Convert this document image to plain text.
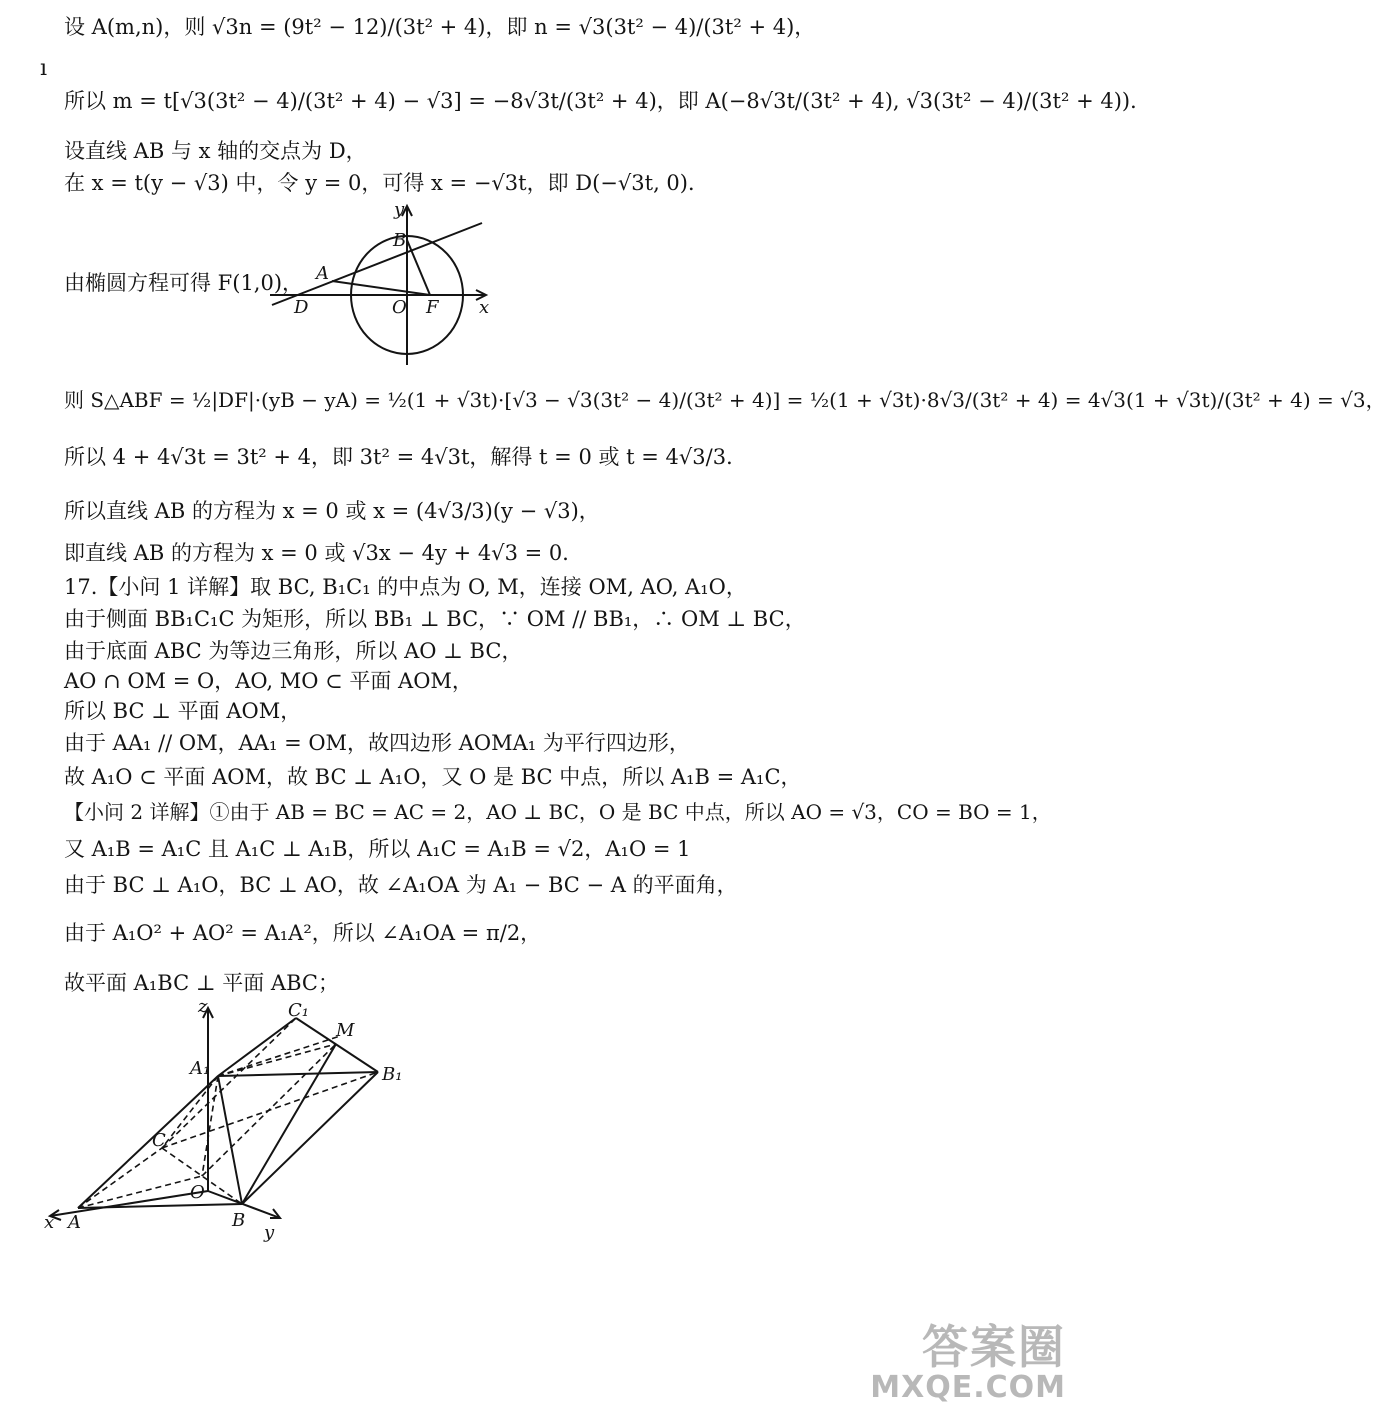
设 A(m,n)，则 √3n = (9t² − 12)/(3t² + 4)，即 n = √3(3t² − 4)/(3t² + 4)，
ı
所以 m = t[√3(3t² − 4)/(3t² + 4) − √3] = −8√3t/(3t² + 4)，即 A(−8√3t/(3t² + 4), √3(3t² − 4)/(3t² + 4))．
设直线 AB 与 x 轴的交点为 D，
在 x = t(y − √3) 中，令 y = 0，可得 x = −√3t，即 D(−√3t, 0)．
由椭圆方程可得 F(1,0)，
则 S△ABF = ½|DF|·(yB − yA) = ½(1 + √3t)·[√3 − √3(3t² − 4)/(3t² + 4)] = ½(1 + √3t)·8√3/(3t² + 4) = 4√3(1 + √3t)/(3t² + 4) = √3，
所以 4 + 4√3t = 3t² + 4，即 3t² = 4√3t，解得 t = 0 或 t = 4√3/3．
所以直线 AB 的方程为 x = 0 或 x = (4√3/3)(y − √3)，
即直线 AB 的方程为 x = 0 或 √3x − 4y + 4√3 = 0．
17.【小问 1 详解】取 BC, B₁C₁ 的中点为 O, M，连接 OM, AO, A₁O，
由于侧面 BB₁C₁C 为矩形，所以 BB₁ ⊥ BC，∵ OM // BB₁，∴ OM ⊥ BC，
由于底面 ABC 为等边三角形，所以 AO ⊥ BC，
AO ∩ OM = O，AO, MO ⊂ 平面 AOM，
所以 BC ⊥ 平面 AOM，
由于 AA₁ // OM，AA₁ = OM，故四边形 AOMA₁ 为平行四边形，
故 A₁O ⊂ 平面 AOM，故 BC ⊥ A₁O，又 O 是 BC 中点，所以 A₁B = A₁C，
【小问 2 详解】①由于 AB = BC = AC = 2，AO ⊥ BC，O 是 BC 中点，所以 AO = √3，CO = BO = 1，
又 A₁B = A₁C 且 A₁C ⊥ A₁B，所以 A₁C = A₁B = √2，A₁O = 1
由于 BC ⊥ A₁O，BC ⊥ AO，故 ∠A₁OA 为 A₁ − BC − A 的平面角，
由于 A₁O² + AO² = A₁A²，所以 ∠A₁OA = π/2，
故平面 A₁BC ⊥ 平面 ABC；
y
B
A
D	O F x
z	C₁
M
A₁	B₁
C
O
x A	B
y
答案圈
MXQE.COM
